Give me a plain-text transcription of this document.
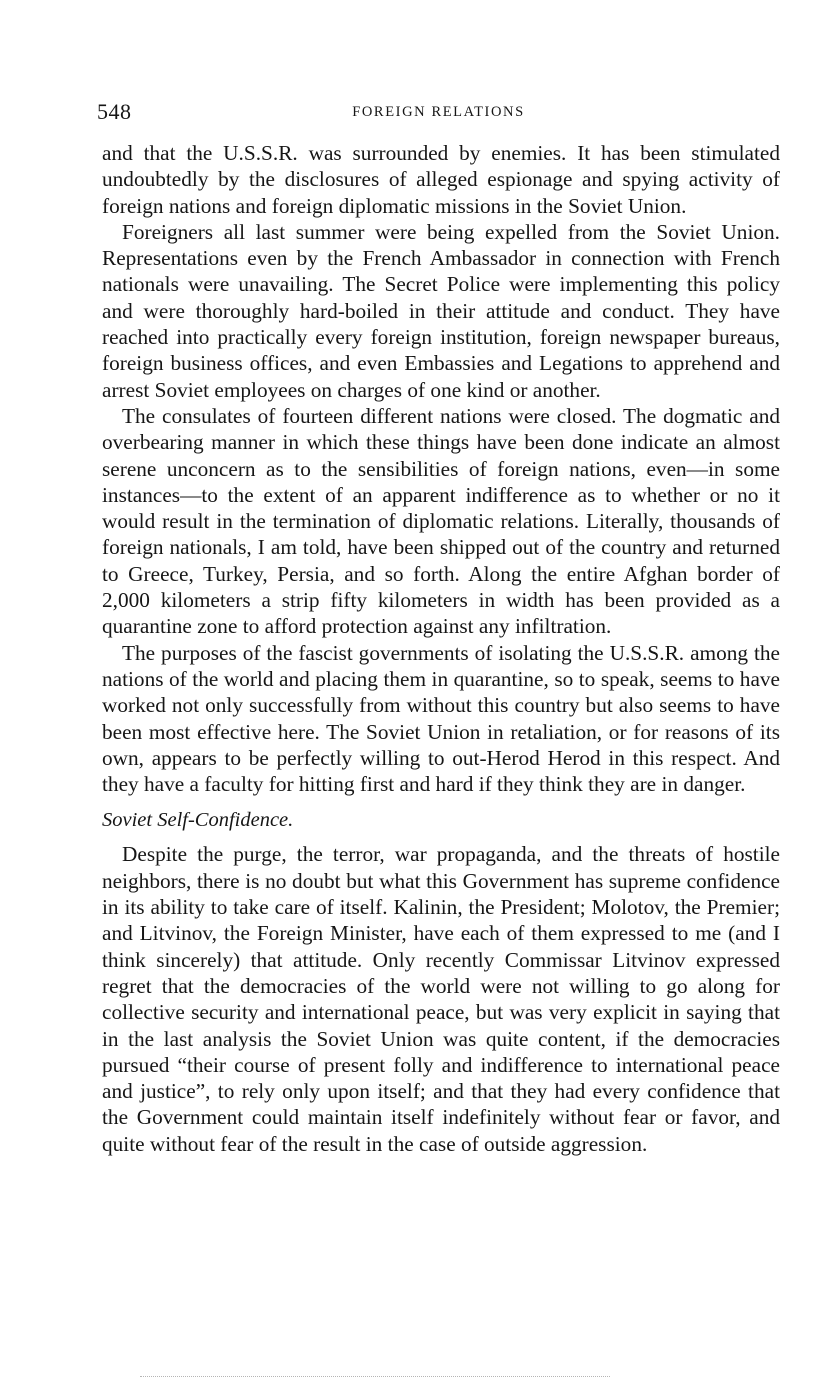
548	FOREIGN RELATIONS

and that the U.S.S.R. was surrounded by enemies. It has been stimulated undoubtedly by the disclosures of alleged espionage and spying activity of foreign nations and foreign diplomatic missions in the Soviet Union.

Foreigners all last summer were being expelled from the Soviet Union. Representations even by the French Ambassador in connection with French nationals were unavailing. The Secret Police were implementing this policy and were thoroughly hard-boiled in their attitude and conduct. They have reached into practically every foreign institution, foreign newspaper bureaus, foreign business offices, and even Embassies and Legations to apprehend and arrest Soviet employees on charges of one kind or another.

The consulates of fourteen different nations were closed. The dogmatic and overbearing manner in which these things have been done indicate an almost serene unconcern as to the sensibilities of foreign nations, even—in some instances—to the extent of an apparent indifference as to whether or no it would result in the termination of diplomatic relations. Literally, thousands of foreign nationals, I am told, have been shipped out of the country and returned to Greece, Turkey, Persia, and so forth. Along the entire Afghan border of 2,000 kilometers a strip fifty kilometers in width has been provided as a quarantine zone to afford protection against any infiltration.

The purposes of the fascist governments of isolating the U.S.S.R. among the nations of the world and placing them in quarantine, so to speak, seems to have worked not only successfully from without this country but also seems to have been most effective here. The Soviet Union in retaliation, or for reasons of its own, appears to be perfectly willing to out-Herod Herod in this respect. And they have a faculty for hitting first and hard if they think they are in danger.

Soviet Self-Confidence.

Despite the purge, the terror, war propaganda, and the threats of hostile neighbors, there is no doubt but what this Government has supreme confidence in its ability to take care of itself. Kalinin, the President; Molotov, the Premier; and Litvinov, the Foreign Minister, have each of them expressed to me (and I think sincerely) that attitude. Only recently Commissar Litvinov expressed regret that the democracies of the world were not willing to go along for collective security and international peace, but was very explicit in saying that in the last analysis the Soviet Union was quite content, if the democracies pursued “their course of present folly and indifference to international peace and justice”, to rely only upon itself; and that they had every confidence that the Government could maintain itself indefinitely without fear or favor, and quite without fear of the result in the case of outside aggression.
